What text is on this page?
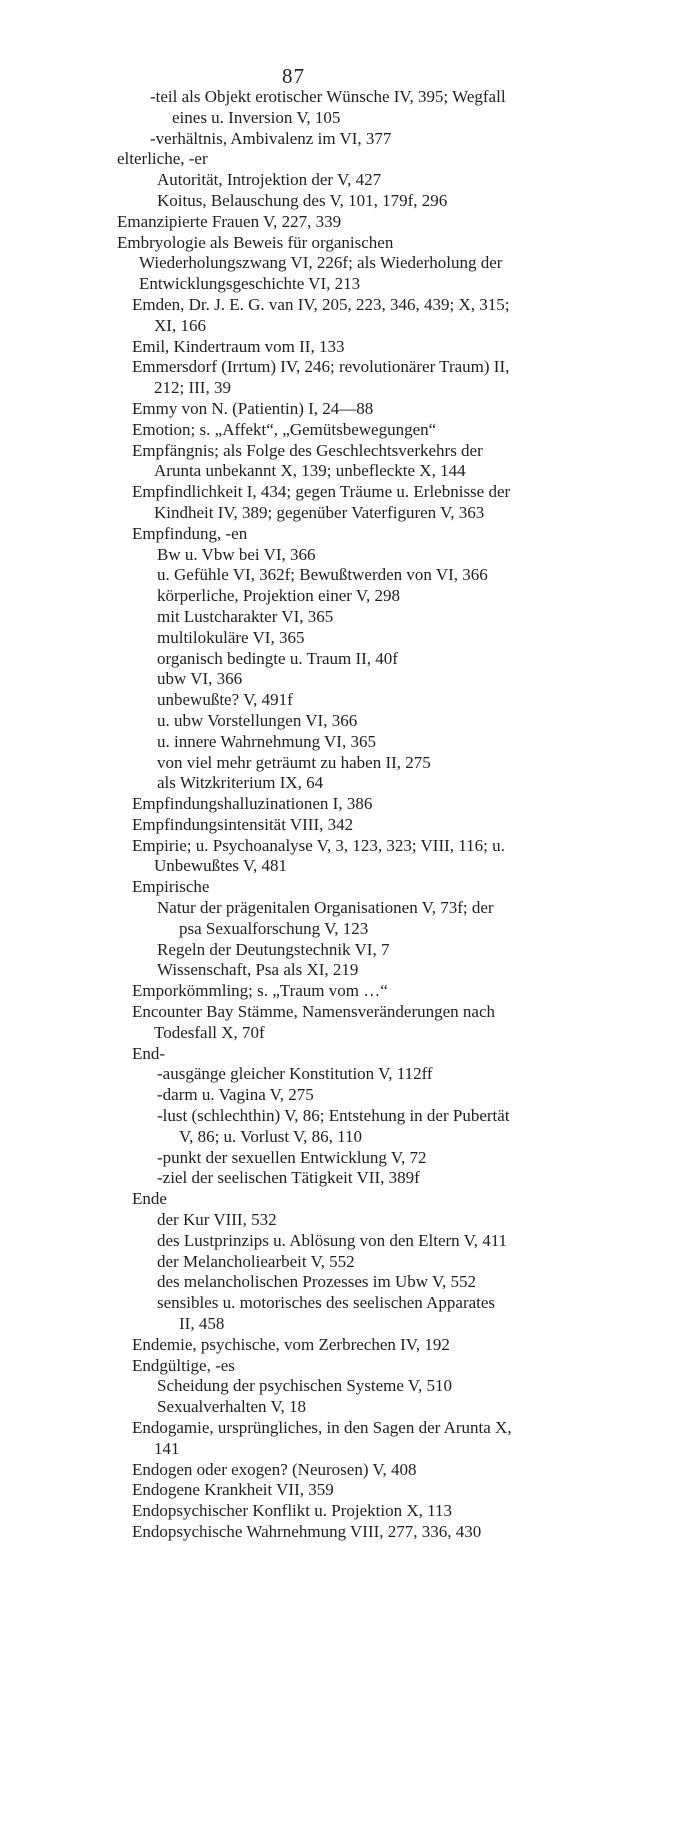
87
-teil als Objekt erotischer Wünsche IV, 395; Wegfall eines u. Inversion V, 105
-verhältnis, Ambivalenz im VI, 377
elterliche, -er
Autorität, Introjektion der V, 427
Koitus, Belauschung des V, 101, 179f, 296
Emanzipierte Frauen V, 227, 339
Embryologie als Beweis für organischen Wiederholungszwang VI, 226f; als Wiederholung der Entwicklungsgeschichte VI, 213
Emden, Dr. J. E. G. van IV, 205, 223, 346, 439; X, 315; XI, 166
Emil, Kindertraum vom II, 133
Emmersdorf (Irrtum) IV, 246; revolutionärer Traum) II, 212; III, 39
Emmy von N. (Patientin) I, 24—88
Emotion; s. „Affekt“, „Gemütsbewegungen“
Empfängnis; als Folge des Geschlechtsverkehrs der Arunta unbekannt X, 139; unbefleckte X, 144
Empfindlichkeit I, 434; gegen Träume u. Erlebnisse der Kindheit IV, 389; gegenüber Vaterfiguren V, 363
Empfindung, -en
Bw u. Vbw bei VI, 366
u. Gefühle VI, 362f; Bewußtwerden von VI, 366
körperliche, Projektion einer V, 298
mit Lustcharakter VI, 365
multilokuläre VI, 365
organisch bedingte u. Traum II, 40f
ubw VI, 366
unbewußte? V, 491f
u. ubw Vorstellungen VI, 366
u. innere Wahrnehmung VI, 365
von viel mehr geträumt zu haben II, 275
als Witzkriterium IX, 64
Empfindungshalluzinationen I, 386
Empfindungsintensität VIII, 342
Empirie; u. Psychoanalyse V, 3, 123, 323; VIII, 116; u. Unbewußtes V, 481
Empirische
Natur der prägenitalen Organisationen V, 73f; der psa Sexualforschung V, 123
Regeln der Deutungstechnik VI, 7
Wissenschaft, Psa als XI, 219
Emporkömmling; s. „Traum vom …“
Encounter Bay Stämme, Namensveränderungen nach Todesfall X, 70f
End-
-ausgänge gleicher Konstitution V, 112ff
-darm u. Vagina V, 275
-lust (schlechthin) V, 86; Entstehung in der Pubertät V, 86; u. Vorlust V, 86, 110
-punkt der sexuellen Entwicklung V, 72
-ziel der seelischen Tätigkeit VII, 389f
Ende
der Kur VIII, 532
des Lustprinzips u. Ablösung von den Eltern V, 411
der Melancholiearbeit V, 552
des melancholischen Prozesses im Ubw V, 552
sensibles u. motorisches des seelischen Apparates II, 458
Endemie, psychische, vom Zerbrechen IV, 192
Endgültige, -es
Scheidung der psychischen Systeme V, 510
Sexualverhalten V, 18
Endogamie, ursprüngliches, in den Sagen der Arunta X, 141
Endogen oder exogen? (Neurosen) V, 408
Endogene Krankheit VII, 359
Endopsychischer Konflikt u. Projektion X, 113
Endopsychische Wahrnehmung VIII, 277, 336, 430
